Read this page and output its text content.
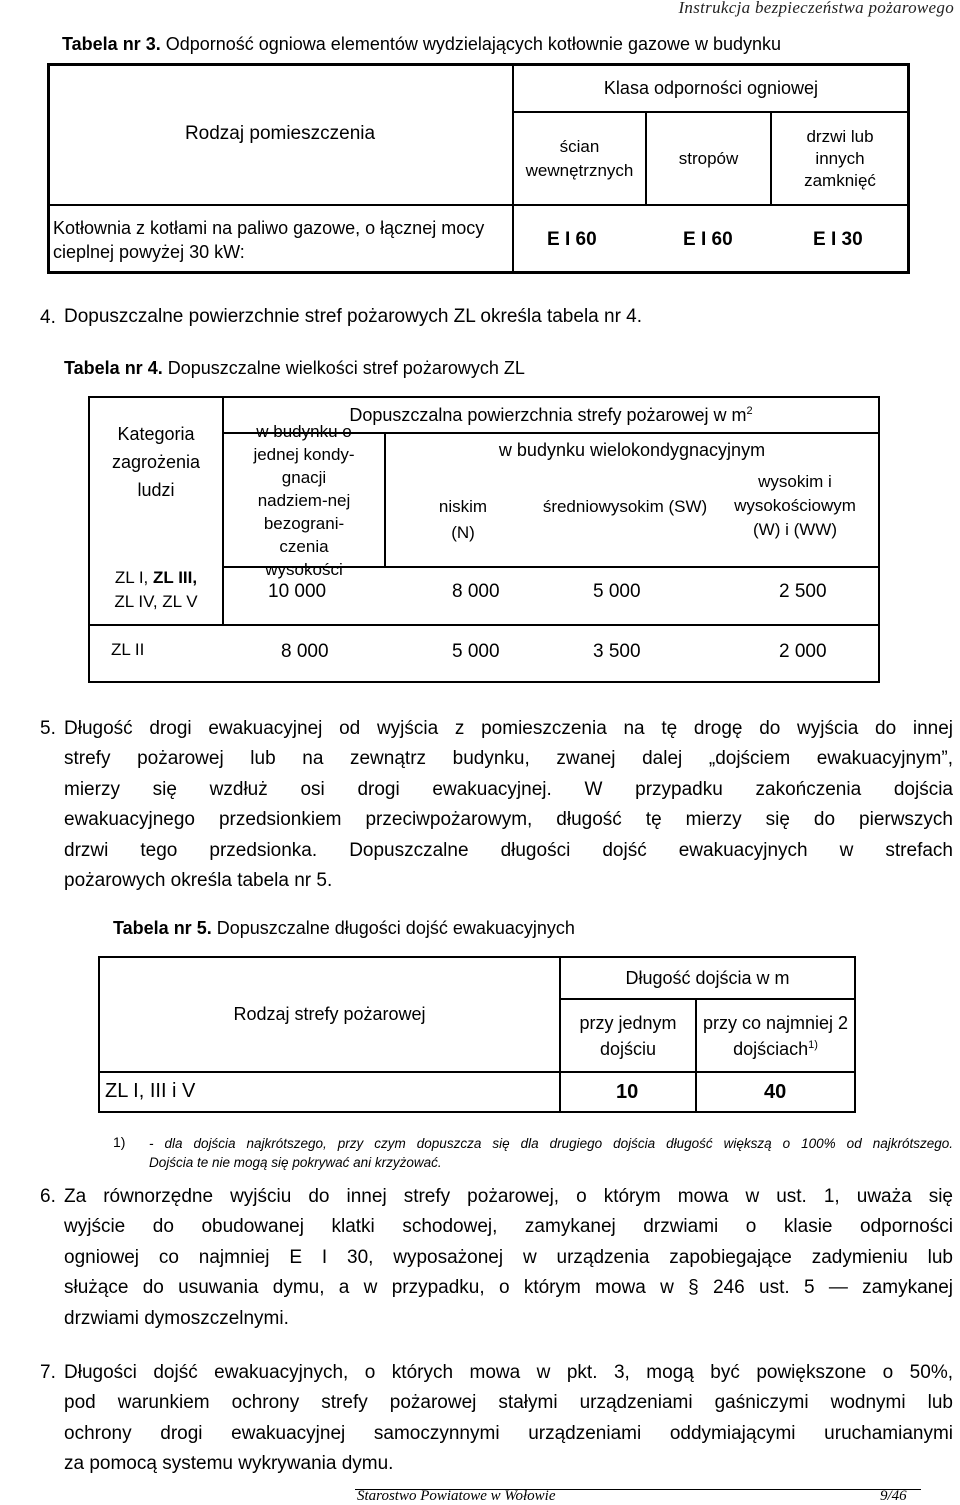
Instrukcja bezpieczeństwa pożarowego
Tabela nr 3. Odporność ogniowa elementów wydzielających kotłownie gazowe w budynku
Rodzaj pomieszczenia
Klasa odporności ogniowej
ścian wewnętrznych
stropów
drzwi lub innych zamknięć
Kotłownia z kotłami na paliwo gazowe, o łącznej mocy cieplnej powyżej 30 kW:
E I 60	E I 60	E I 30
4. Dopuszczalne powierzchnie stref pożarowych ZL określa tabela nr 4.
Tabela nr 4. Dopuszczalne wielkości stref pożarowych ZL
Kategoria zagrożenia ludzi
Dopuszczalna powierzchnia strefy pożarowej w $m^2$
w budynku o jednej kondy-gnacji nadziem-nej bezograni-czenia wysokości
w budynku wielokondygnacyjnym
niskim (N)
średniowysokim (SW)
wysokim i wysokościowym (W) i (WW)
ZL I, ZL III,
ZL IV, ZL V	10 000	8 000	5 000	2 500
ZL II	8 000	5 000	3 500	2 000
5. Długość drogi ewakuacyjnej od wyjścia z pomieszczenia na tę drogę do wyjścia do innej
strefy pożarowej lub na zewnątrz budynku, zwanej dalej „dojściem ewakuacyjnym”,
mierzy się wzdłuż osi drogi ewakuacyjnej. W przypadku zakończenia dojścia
ewakuacyjnego przedsionkiem przeciwpożarowym, długość tę mierzy się do pierwszych
drzwi tego przedsionka. Dopuszczalne długości dojść ewakuacyjnych w strefach
pożarowych określa tabela nr 5.
Tabela nr 5. Dopuszczalne długości dojść ewakuacyjnych
Rodzaj strefy pożarowej
Długość dojścia w m
przy jednym dojściu
przy co najmniej 2 dojściach$^{1)}$
ZL I, III i V	10	40
1) - dla dojścia najkrótszego, przy czym dopuszcza się dla drugiego dojścia długość większą o 100% od najkrótszego.
Dojścia te nie mogą się pokrywać ani krzyżować.
6. Za równorzędne wyjściu do innej strefy pożarowej, o którym mowa w ust. 1, uważa się
wyjście do obudowanej klatki schodowej, zamykanej drzwiami o klasie odporności
ogniowej co najmniej E I 30, wyposażonej w urządzenia zapobiegające zadymieniu lub
służące do usuwania dymu, a w przypadku, o którym mowa w § 246 ust. 5 — zamykanej
drzwiami dymoszczelnymi.
7. Długości dojść ewakuacyjnych, o których mowa w pkt. 3, mogą być powiększone o 50%,
pod warunkiem ochrony strefy pożarowej stałymi urządzeniami gaśniczymi wodnymi lub
ochrony drogi ewakuacyjnej samoczynnymi urządzeniami oddymiającymi uruchamianymi
za pomocą systemu wykrywania dymu.
Starostwo Powiatowe w Wołowie	9/46
